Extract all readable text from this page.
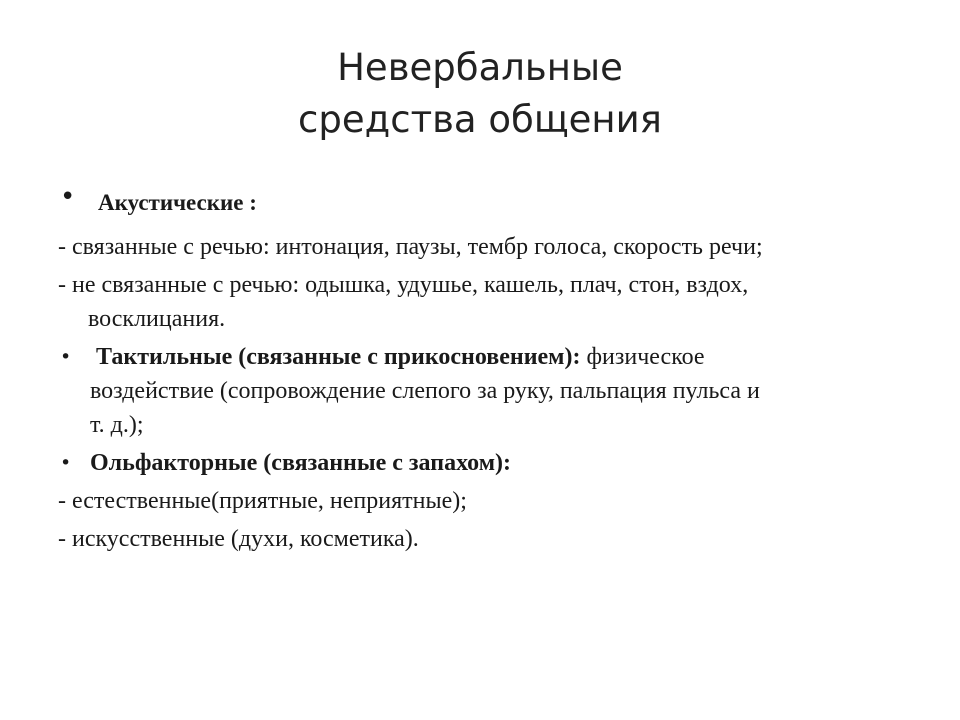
Невербальные
средства общения
• Акустические :
- связанные с речью: интонация, паузы, тембр голоса, скорость речи;
- не связанные с речью: одышка, удушье, кашель, плач, стон, вздох,
восклицания.
• Тактильные (связанные с прикосновением): физическое
воздействие (сопровождение слепого за руку, пальпация пульса и
т. д.);
• Ольфакторные (связанные с запахом):
- естественные(приятные, неприятные);
- искусственные (духи, косметика).
